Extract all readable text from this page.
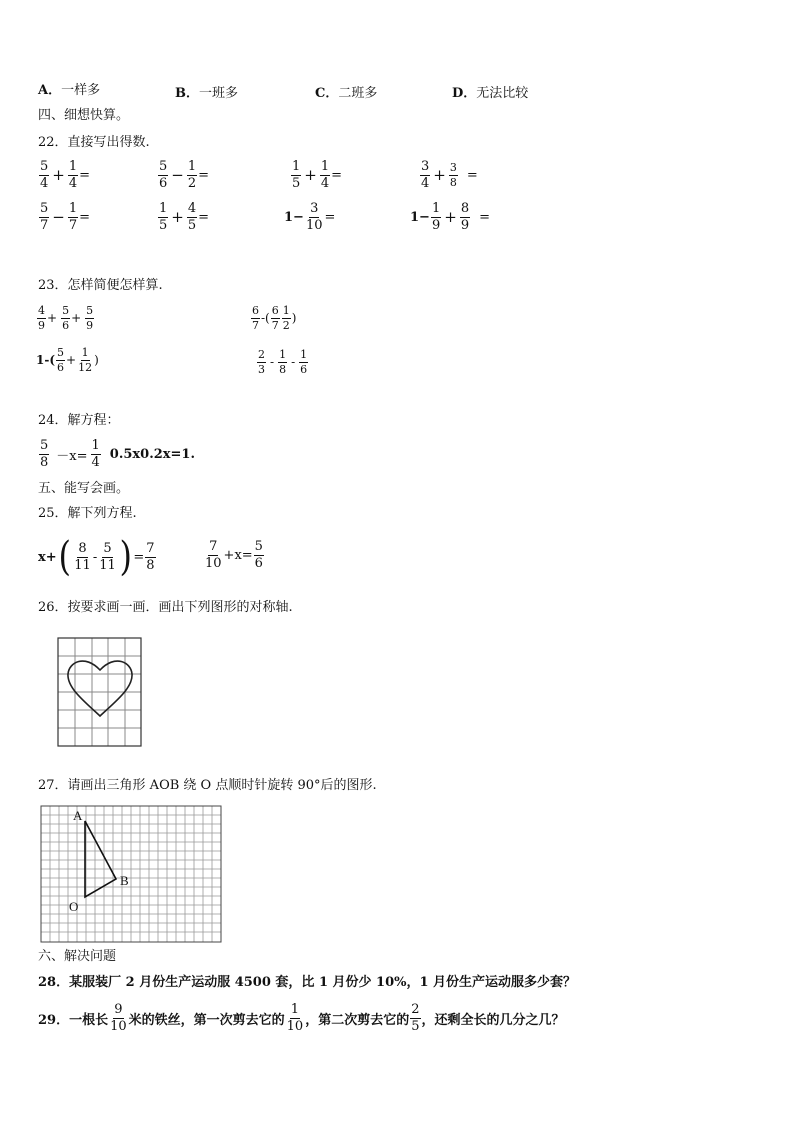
A．一样多	B．一班多	C．二班多	D．无法比较
四、细想快算。
22．直接写出得数.
$\frac{5}{4} + \frac{1}{4}$ =	$\frac{5}{6} - \frac{1}{2}$ =	$\frac{1}{5} + \frac{1}{4}$ =	$\frac{3}{4} + \frac{3}{8}$ =
$\frac{5}{7} - \frac{1}{7}$ =	$\frac{1}{5} + \frac{4}{5}$ =	$1- \frac{3}{10}$ =	$1- \frac{1}{9} + \frac{8}{9}$ =
23．怎样简便怎样算.
$\frac{4}{9} + \frac{5}{6} + \frac{5}{9}$	$\frac{6}{7}$ -( $\frac{6}{7} \frac{1}{2}$ )
$1-( \frac{5}{6} + \frac{1}{12}$ )	$\frac{2}{3} - \frac{1}{8} - \frac{1}{6}$
24．解方程：
$\frac{5}{8} -x= \frac{1}{4} 0.5x0.2x=1$.
五、能写会画。
25．解下列方程.
x+ ( $\frac{8}{11} - \frac{5}{11}$ ) = $\frac{7}{8}$	$\frac{7}{10} +x= \frac{5}{6}$
26．按要求画一画．画出下列图形的对称轴.
27．请画出三角形 AOB 绕 O 点顺时针旋转 90°后的图形.
A
B
O
六、解决问题
28．某服装厂 2 月份生产运动服 4500 套，比 1 月份少 10%，1 月份生产运动服多少套？
29．一根长 $\frac{9}{10}$ 米的铁丝，第一次剪去它的 $\frac{1}{10}$ ，第二次剪去它的 $\frac{2}{5}$ ，还剩全长的几分之几？
